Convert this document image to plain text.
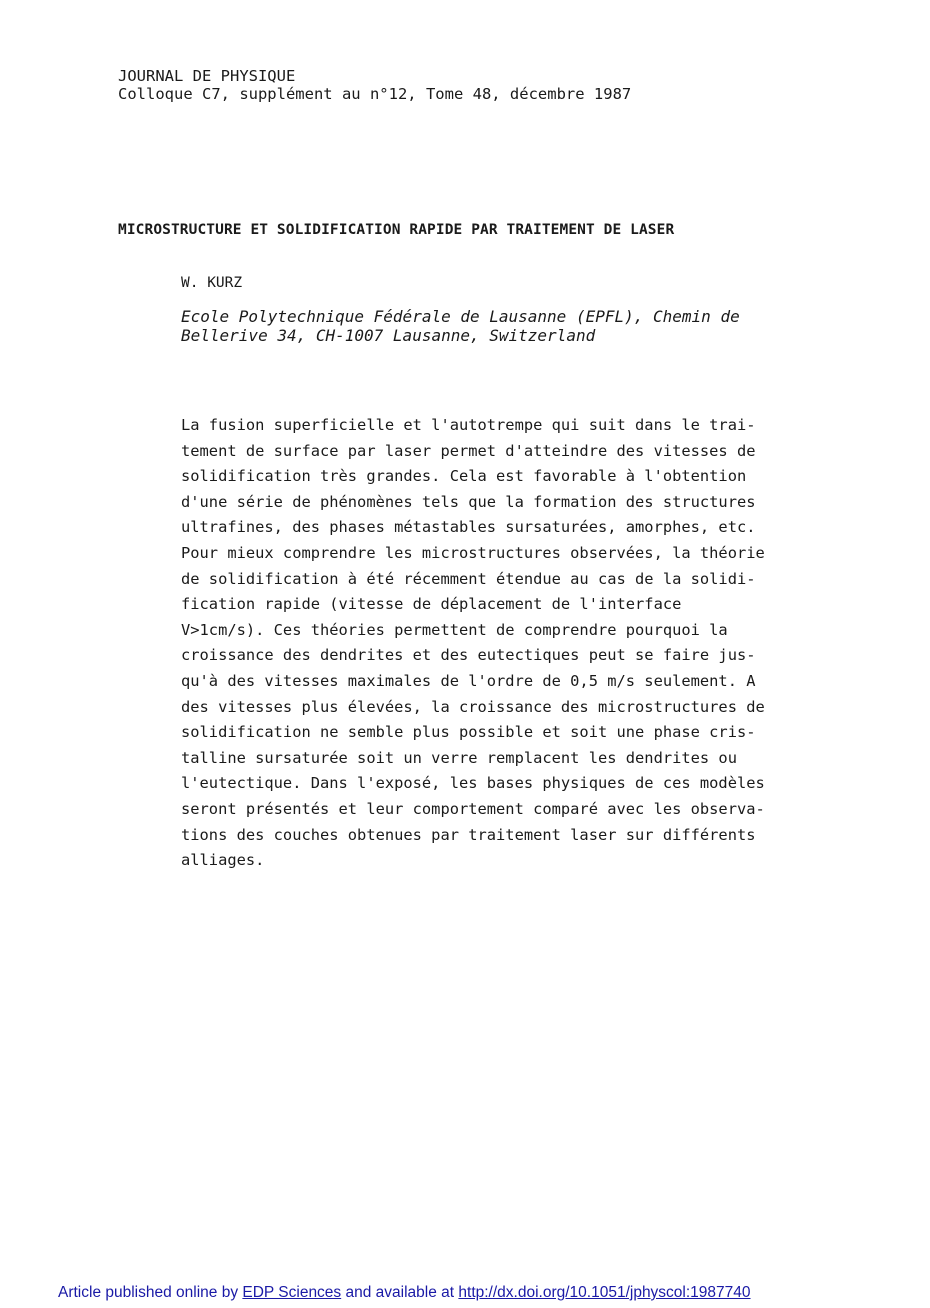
JOURNAL DE PHYSIQUE
Colloque C7, supplément au n°12, Tome 48, décembre 1987
MICROSTRUCTURE ET SOLIDIFICATION RAPIDE PAR TRAITEMENT DE LASER
W. KURZ
Ecole Polytechnique Fédérale de Lausanne (EPFL), Chemin de
Bellerive 34, CH-1007 Lausanne, Switzerland
La fusion superficielle et l'autotrempe qui suit dans le trai-
tement de surface par laser permet d'atteindre des vitesses de
solidification très grandes. Cela est favorable à l'obtention
d'une série de phénomènes tels que la formation des structures
ultrafines, des phases métastables sursaturées, amorphes, etc.
Pour mieux comprendre les microstructures observées, la théorie
de solidification à été récemment étendue au cas de la solidi-
fication rapide (vitesse de déplacement de l'interface
V>1cm/s). Ces théories permettent de comprendre pourquoi la
croissance des dendrites et des eutectiques peut se faire jus-
qu'à des vitesses maximales de l'ordre de 0,5 m/s seulement. A
des vitesses plus élevées, la croissance des microstructures de
solidification ne semble plus possible et soit une phase cris-
talline sursaturée soit un verre remplacent les dendrites ou
l'eutectique. Dans l'exposé, les bases physiques de ces modèles
seront présentés et leur comportement comparé avec les observa-
tions des couches obtenues par traitement laser sur différents
alliages.
Article published online by EDP Sciences and available at http://dx.doi.org/10.1051/jphyscol:1987740
